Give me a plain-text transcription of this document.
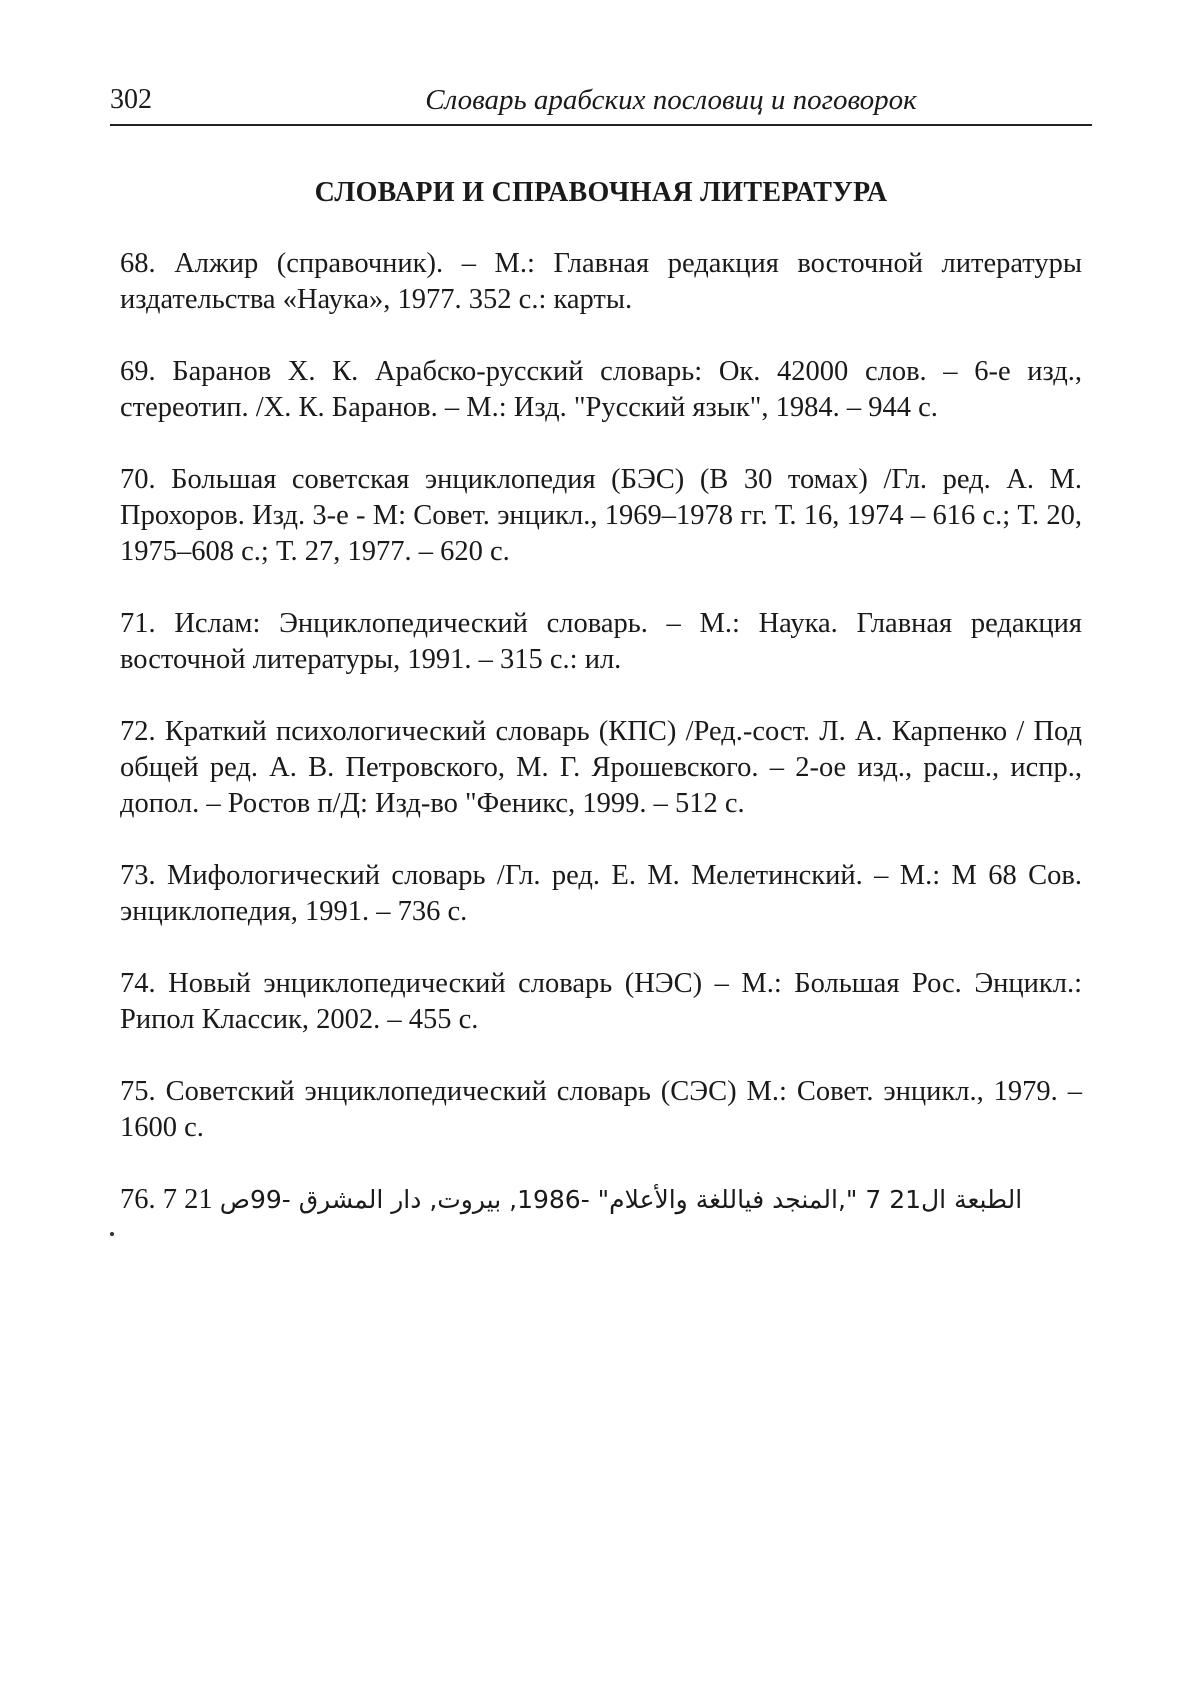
302	Словарь арабских пословиц и поговорок
СЛОВАРИ И СПРАВОЧНАЯ ЛИТЕРАТУРА

68. Алжир (справочник). – М.: Главная редакция восточной литературы издательства «Наука», 1977. 352 с.: карты.

69. Баранов Х. К. Арабско-русский словарь: Ок. 42000 слов. – 6-е изд., стереотип. /Х. К. Баранов. – М.: Изд. "Русский язык", 1984. – 944 с.

70. Большая советская энциклопедия (БЭС) (В 30 томах) /Гл. ред. А. М. Прохоров. Изд. 3-е - М: Совет. энцикл., 1969–1978 гг. Т. 16, 1974 – 616 с.; Т. 20, 1975–608 с.; Т. 27, 1977. – 620 с.

71. Ислам: Энциклопедический словарь. – М.: Наука. Главная редакция восточной литературы, 1991. – 315 с.: ил.

72. Краткий психологический словарь (КПС) /Ред.-сост. Л. А. Карпенко / Под общей ред. А. В. Петровского, М. Г. Ярошевского. – 2-ое изд., расш., испр., допол. – Ростов п/Д: Изд-во "Феникс, 1999. – 512 с.

73. Мифологический словарь /Гл. ред. Е. М. Мелетинский. – М.: М 68 Сов. энциклопедия, 1991. – 736 с.

74. Новый энциклопедический словарь (НЭС) – М.: Большая Рос. Энцикл.: Рипол Классик, 2002. – 455 с.

75. Советский энциклопедический словарь (СЭС) М.: Совет. энцикл., 1979. – 1600 с.

76. 7 21 الطبعة ال21 7 ",المنجد فياللغة والأعلام" -1986, بيروت, دار المشرق -99ص
